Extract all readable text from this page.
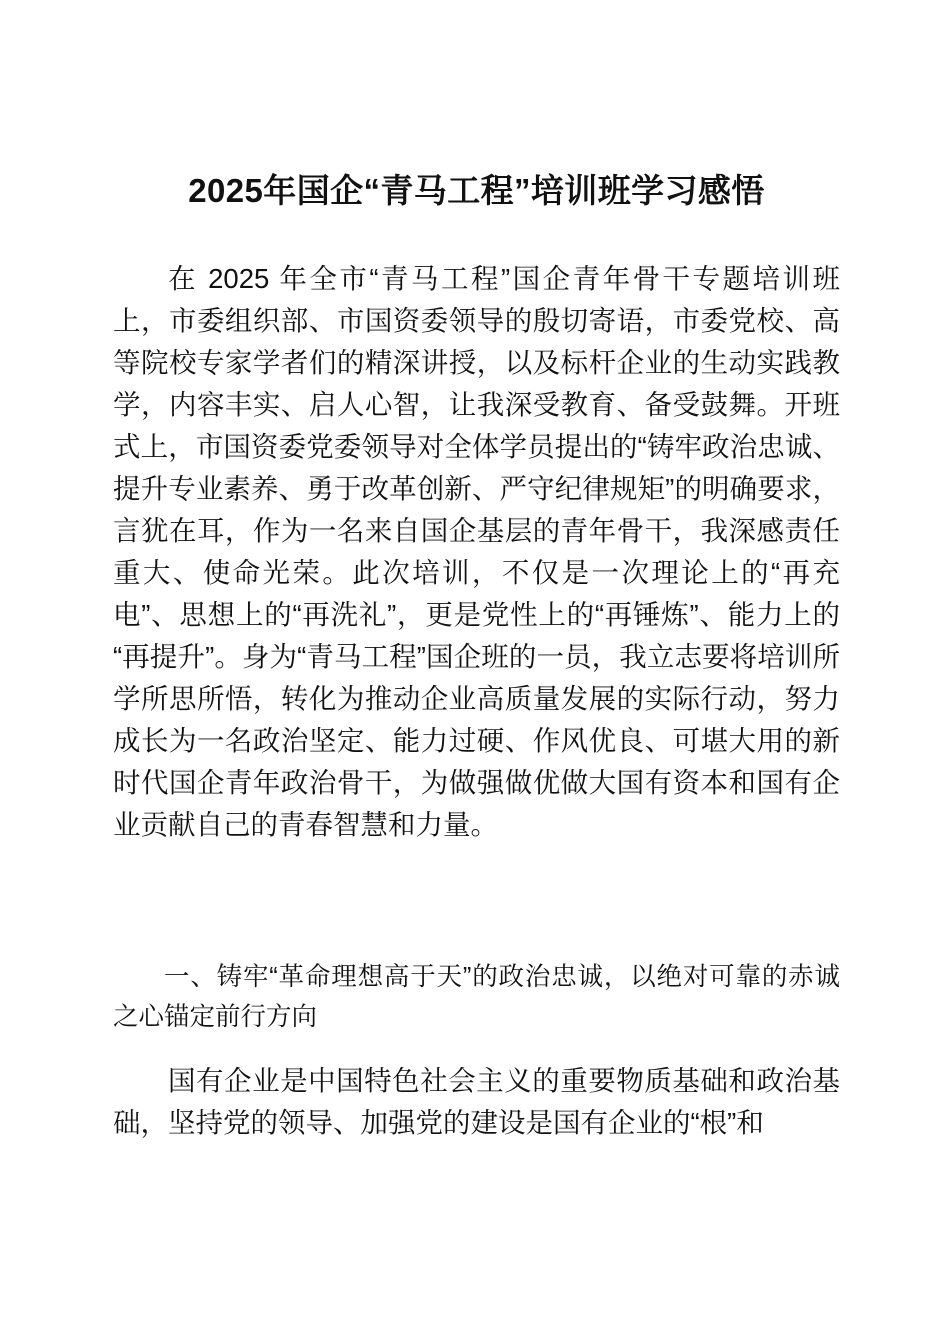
2025年国企“青马工程”培训班学习感悟

在 2025 年全市“青马工程”国企青年骨干专题培训班上，市委组织部、市国资委领导的殷切寄语，市委党校、高等院校专家学者们的精深讲授，以及标杆企业的生动实践教学，内容丰实、启人心智，让我深受教育、备受鼓舞。开班式上，市国资委党委领导对全体学员提出的“铸牢政治忠诚、提升专业素养、勇于改革创新、严守纪律规矩”的明确要求，言犹在耳，作为一名来自国企基层的青年骨干，我深感责任重大、使命光荣。此次培训，不仅是一次理论上的“再充电”、思想上的“再洗礼”，更是党性上的“再锤炼”、能力上的“再提升”。身为“青马工程”国企班的一员，我立志要将培训所学所思所悟，转化为推动企业高质量发展的实际行动，努力成长为一名政治坚定、能力过硬、作风优良、可堪大用的新时代国企青年政治骨干，为做强做优做大国有资本和国有企业贡献自己的青春智慧和力量。

一、铸牢“革命理想高于天”的政治忠诚，以绝对可靠的赤诚之心锚定前行方向

国有企业是中国特色社会主义的重要物质基础和政治基础，坚持党的领导、加强党的建设是国有企业的“根”和
